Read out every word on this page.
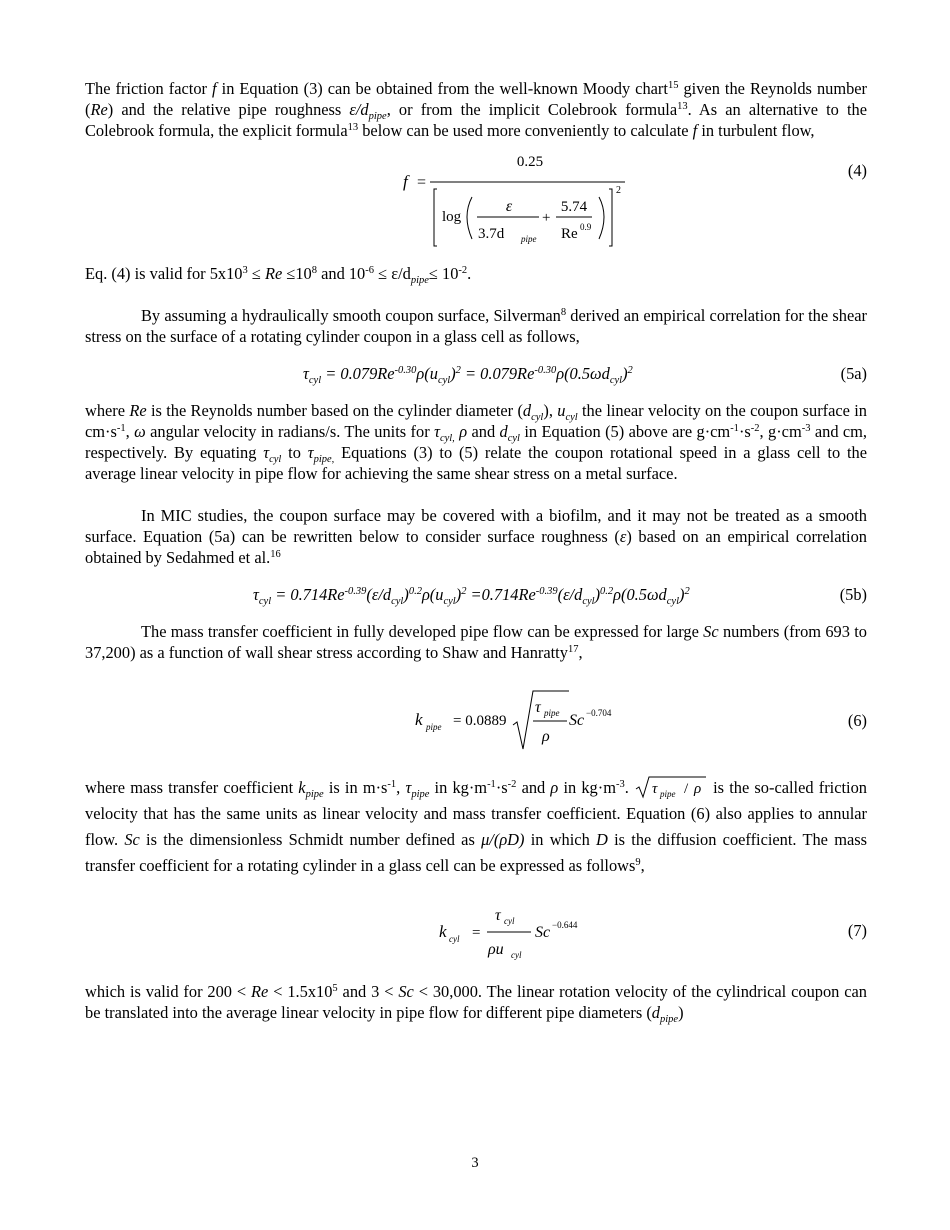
The friction factor f in Equation (3) can be obtained from the well-known Moody chart$^{15}$ given the Reynolds number (Re) and the relative pipe roughness $\varepsilon/d_{pipe}$, or from the implicit Colebrook formula$^{13}$. As an alternative to the Colebrook formula, the explicit formula$^{13}$ below can be used more conveniently to calculate f in turbulent flow,

f =
0.25
2
log
ε
3.7d pipe
+
5.74
Re 0.9
(4)

Eq. (4) is valid for $5x10^3 \le Re \le 10^8$ and $10^{-6} \le \varepsilon/d_{pipe}\le 10^{-2}$.

By assuming a hydraulically smooth coupon surface, Silverman$^8$ derived an empirical correlation for the shear stress on the surface of a rotating cylinder coupon in a glass cell as follows,

$\tau_{cyl} = 0.079Re^{-0.30}\rho(u_{cyl})^2 = 0.079Re^{-0.30}\rho(0.5\omega d_{cyl})^2$	(5a)

where Re is the Reynolds number based on the cylinder diameter $(d_{cyl})$, $u_{cyl}$ the linear velocity on the coupon surface in $cm\cdot s^{-1}$, ω angular velocity in radians/s. The units for $\tau_{cyl,}$ ρ and $d_{cyl}$ in Equation (5) above are $g\cdot cm^{-1}\cdot s^{-2}$, $g\cdot cm^{-3}$ and cm, respectively. By equating $\tau_{cyl}$ to $\tau_{pipe,}$ Equations (3) to (5) relate the coupon rotational speed in a glass cell to the average linear velocity in pipe flow for achieving the same shear stress on a metal surface.

In MIC studies, the coupon surface may be covered with a biofilm, and it may not be treated as a smooth surface. Equation (5a) can be rewritten below to consider surface roughness (ε) based on an empirical correlation obtained by Sedahmed et al.$^{16}$

$\tau_{cyl} = 0.714Re^{-0.39}(\varepsilon/d_{cyl})^{0.2}\rho(u_{cyl})^2 =0.714Re^{-0.39}(\varepsilon/d_{cyl})^{0.2}\rho(0.5\omega d_{cyl})^2$	(5b)

The mass transfer coefficient in fully developed pipe flow can be expressed for large Sc numbers (from 693 to 37,200) as a function of wall shear stress according to Shaw and Hanratty$^{17}$,

k pipe = 0.0889
τ pipe
ρ
Sc −0.704	(6)

where mass transfer coefficient $k_{pipe}$ is in $m\cdot s^{-1}$, $\tau_{pipe}$ in $kg\cdot m^{-1}\cdot s^{-2}$ and ρ in $kg\cdot m^{-3}$. τ pipe / ρ is the so-called friction velocity that has the same units as linear velocity and mass transfer coefficient. Equation (6) also applies to annular flow. Sc is the dimensionless Schmidt number defined as μ/(ρD) in which D is the diffusion coefficient. The mass transfer coefficient for a rotating cylinder in a glass cell can be expressed as follows$^9$,

k cyl =
τ cyl
ρu cyl
Sc −0.644	(7)

which is valid for $200 < Re < 1.5x10^5$ and 3 < Sc < 30,000. The linear rotation velocity of the cylindrical coupon can be translated into the average linear velocity in pipe flow for different pipe diameters $(d_{pipe})$

3
